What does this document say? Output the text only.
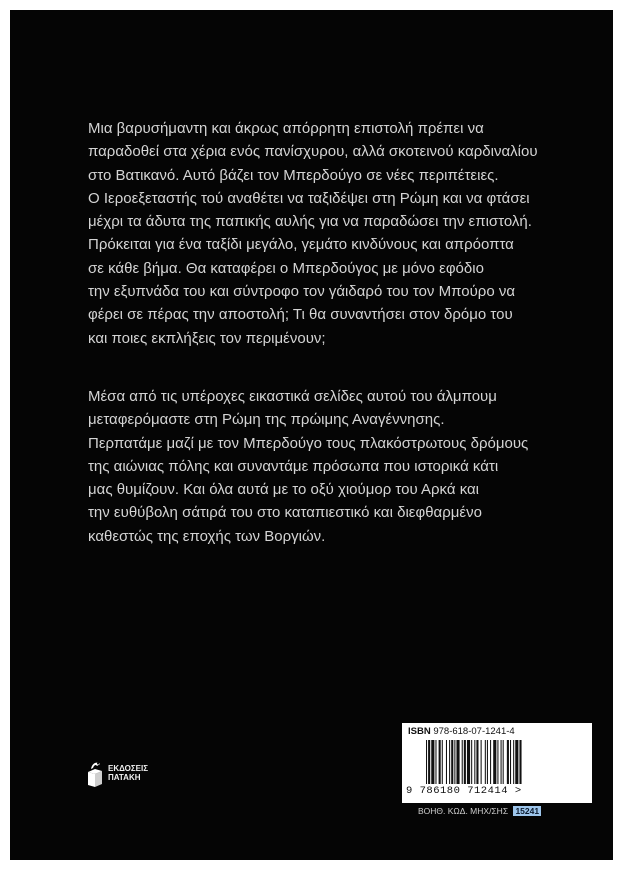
Μια βαρυσήμαντη και άκρως απόρρητη επιστολή πρέπει να
παραδοθεί στα χέρια ενός πανίσχυρου, αλλά σκοτεινού καρδιναλίου
στο Βατικανό. Αυτό βάζει τον Μπερδούγο σε νέες περιπέτειες.
Ο Ιεροεξεταστής τού αναθέτει να ταξιδέψει στη Ρώμη και να φτάσει
μέχρι τα άδυτα της παπικής αυλής για να παραδώσει την επιστολή.
Πρόκειται για ένα ταξίδι μεγάλο, γεμάτο κινδύνους και απρόοπτα
σε κάθε βήμα. Θα καταφέρει ο Μπερδούγος με μόνο εφόδιο
την εξυπνάδα του και σύντροφο τον γάιδαρό του τον Μπούρο να
φέρει σε πέρας την αποστολή; Τι θα συναντήσει στον δρόμο του
και ποιες εκπλήξεις τον περιμένουν;
Μέσα από τις υπέροχες εικαστικά σελίδες αυτού του άλμπουμ
μεταφερόμαστε στη Ρώμη της πρώιμης Αναγέννησης.
Περπατάμε μαζί με τον Μπερδούγο τους πλακόστρωτους δρόμους
της αιώνιας πόλης και συναντάμε πρόσωπα που ιστορικά κάτι
μας θυμίζουν. Και όλα αυτά με το οξύ χιούμορ του Αρκά και
την ευθύβολη σάτιρά του στο καταπιεστικό και διεφθαρμένο
καθεστώς της εποχής των Βοργιών.
ΕΚΔΟΣΕΙΣ
ΠΑΤΑΚΗ
ISBN 978-618-07-1241-4
9 786180 712414 >
ΒΟΗΘ. ΚΩΔ. ΜΗΧ/ΣΗΣ 15241
